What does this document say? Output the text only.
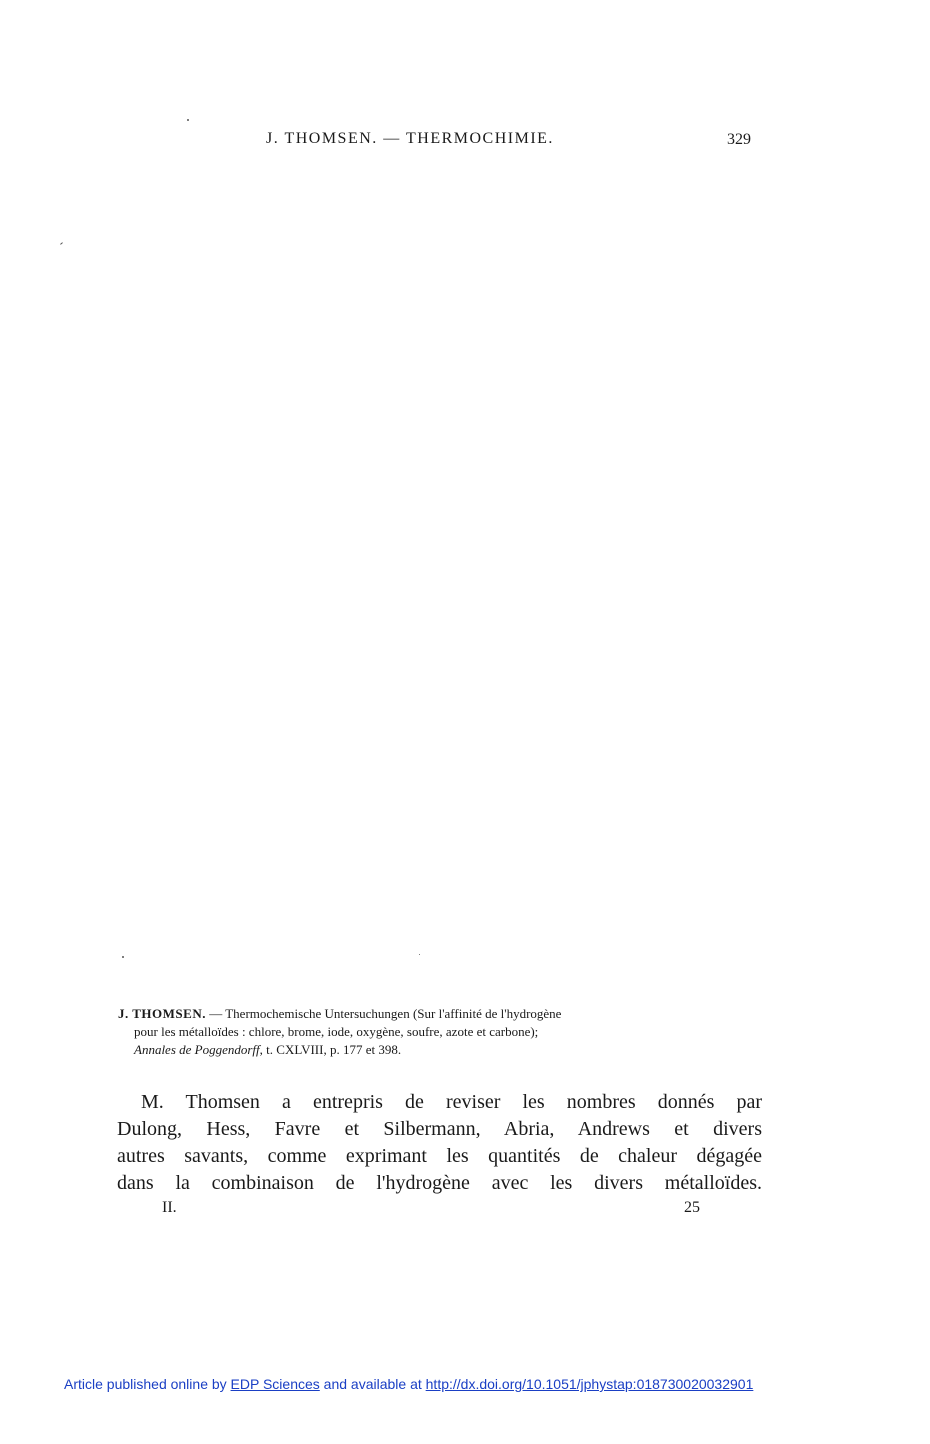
J. THOMSEN. — THERMOCHIMIE.	329
J. THOMSEN. — Thermochemische Untersuchungen (Sur l'affinité de l'hydrogène
pour les métalloïdes : chlore, brome, iode, oxygène, soufre, azote et carbone);
Annales de Poggendorff, t. CXLVIII, p. 177 et 398.
M. Thomsen a entrepris de reviser les nombres donnés par
Dulong, Hess, Favre et Silbermann, Abria, Andrews et divers
autres savants, comme exprimant les quantités de chaleur dégagée
dans la combinaison de l'hydrogène avec les divers métalloïdes.
II.	25
Article published online by EDP Sciences and available at http://dx.doi.org/10.1051/jphystap:018730020032901
